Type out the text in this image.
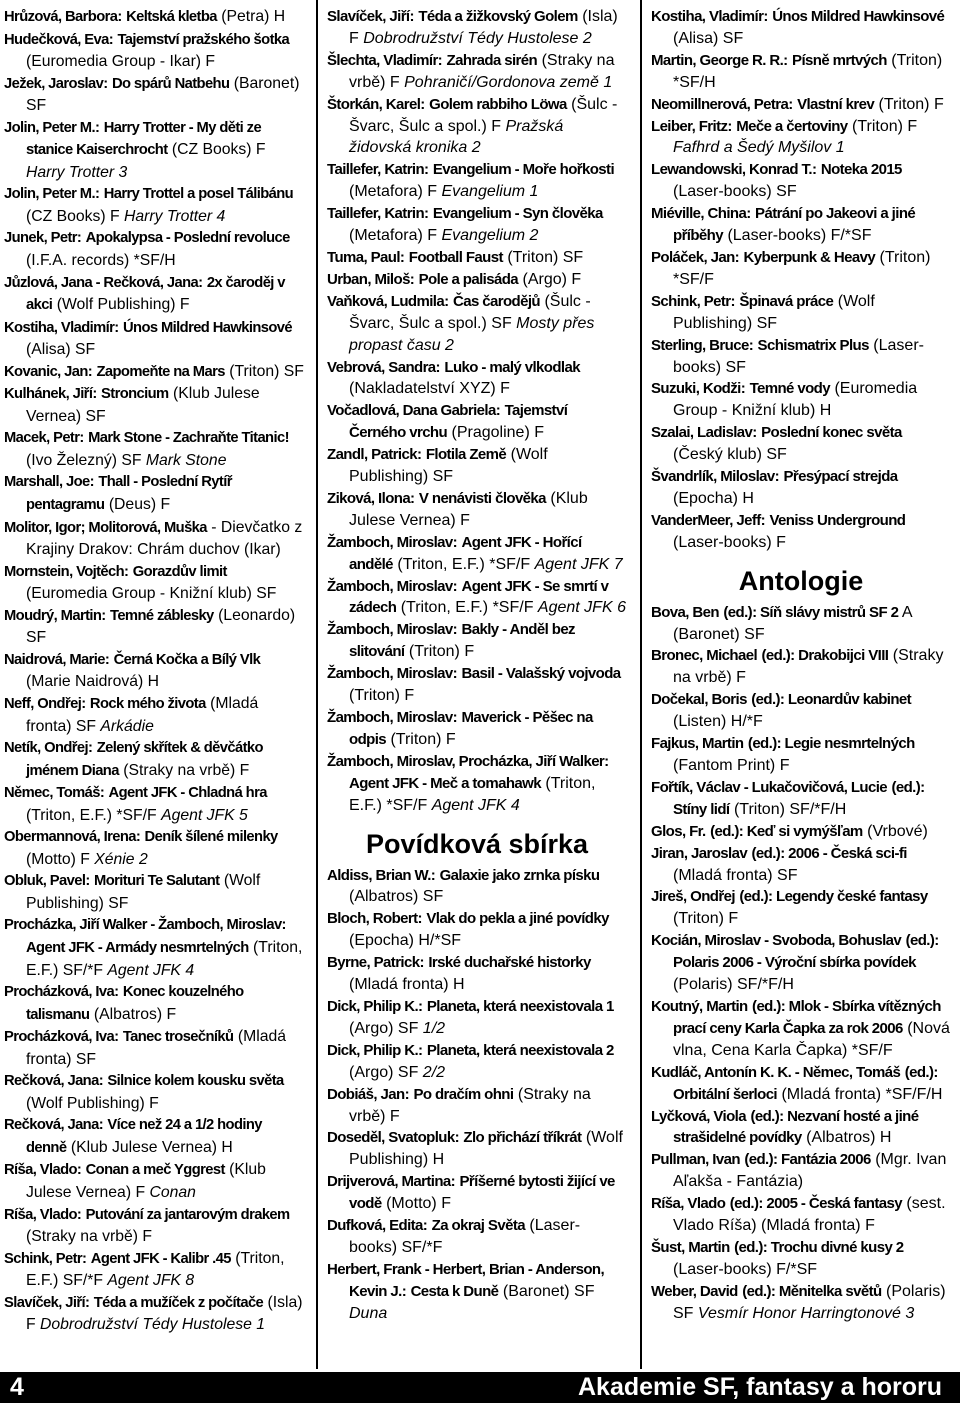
Hrůzová, Barbora: Keltská kletba (Petra) H

Hudečková, Eva: Tajemství pražského šotka (Euromedia Group - Ikar) F

Ježek, Jaroslav: Do spárů Natbehu (Baronet) SF

Jolin, Peter M.: Harry Trotter - My děti ze stanice Kaiserchrocht (CZ Books) F Harry Trotter 3

Jolin, Peter M.: Harry Trottel a posel Tálibánu (CZ Books) F Harry Trotter 4

Junek, Petr: Apokalypsa - Poslední revoluce (I.F.A. records) *SF/H

Jůzlová, Jana - Rečková, Jana: 2x čaroděj v akci (Wolf Publishing) F

Kostiha, Vladimír: Únos Mildred Hawkinsové (Alisa) SF

Kovanic, Jan: Zapomeňte na Mars (Triton) SF

Kulhánek, Jiří: Stroncium (Klub Julese Vernea) SF

Macek, Petr: Mark Stone - Zachraňte Titanic! (Ivo Železný) SF Mark Stone

Marshall, Joe: Thall - Poslední Rytíř pentagramu (Deus) F

Molitor, Igor; Molitorová, Muška - Dievčatko z Krajiny Drakov: Chrám duchov (Ikar)

Mornstein, Vojtěch: Gorazdův limit (Euromedia Group - Knižní klub) SF

Moudrý, Martin: Temné záblesky (Leonardo) SF

Naidrová, Marie: Černá Kočka a Bílý Vlk (Marie Naidrová) H

Neff, Ondřej: Rock mého života (Mladá fronta) SF Arkádie

Netík, Ondřej: Zelený skřítek & děvčátko jménem Diana (Straky na vrbě) F

Němec, Tomáš: Agent JFK - Chladná hra (Triton, E.F.) *SF/F Agent JFK 5

Obermannová, Irena: Deník šílené milenky (Motto) F Xénie 2

Obluk, Pavel: Morituri Te Salutant (Wolf Publishing) SF

Procházka, Jiří Walker - Žamboch, Miroslav: Agent JFK - Armády nesmrtelných (Triton, E.F.) SF/*F Agent JFK 4

Procházková, Iva: Konec kouzelného talismanu (Albatros) F

Procházková, Iva: Tanec trosečníků (Mladá fronta) SF

Rečková, Jana: Silnice kolem kousku světa (Wolf Publishing) F

Rečková, Jana: Více než 24 a 1/2 hodiny denně (Klub Julese Vernea) H

Ríša, Vlado: Conan a meč Yggrest (Klub Julese Vernea) F Conan

Ríša, Vlado: Putování za jantarovým drakem (Straky na vrbě) F

Schink, Petr: Agent JFK - Kalibr .45 (Triton, E.F.) SF/*F Agent JFK 8

Slavíček, Jiří: Téda a mužíček z počítače (Isla) F Dobrodružství Tédy Hustolese 1

Slavíček, Jiří: Téda a žižkovský Golem (Isla) F Dobrodružství Tédy Hustolese 2

Šlechta, Vladimír: Zahrada sirén (Straky na vrbě) F Pohraničí/Gordonova země 1

Štorkán, Karel: Golem rabbiho Löwa (Šulc - Švarc, Šulc a spol.) F Pražská židovská kronika 2

Taillefer, Katrin: Evangelium - Moře hořkosti (Metafora) F Evangelium 1

Taillefer, Katrin: Evangelium - Syn člověka (Metafora) F Evangelium 2

Tuma, Paul: Football Faust (Triton) SF

Urban, Miloš: Pole a palisáda (Argo) F

Vaňková, Ludmila: Čas čarodějů (Šulc - Švarc, Šulc a spol.) SF Mosty přes propast času 2

Vebrová, Sandra: Luko - malý vlkodlak (Nakladatelství XYZ) F

Vočadlová, Dana Gabriela: Tajemství Černého vrchu (Pragoline) F

Zandl, Patrick: Flotila Země (Wolf Publishing) SF

Ziková, Ilona: V nenávisti člověka (Klub Julese Vernea) F

Žamboch, Miroslav: Agent JFK - Hořící andělé (Triton, E.F.) *SF/F Agent JFK 7

Žamboch, Miroslav: Agent JFK - Se smrtí v zádech (Triton, E.F.) *SF/F Agent JFK 6

Žamboch, Miroslav: Bakly - Anděl bez slitování (Triton) F

Žamboch, Miroslav: Basil - Valašský vojvoda (Triton) F

Žamboch, Miroslav: Maverick - Pěšec na odpis (Triton) F

Žamboch, Miroslav, Procházka, Jiří Walker: Agent JFK - Meč a tomahawk (Triton, E.F.) *SF/F Agent JFK 4

Povídková sbírka

Aldiss, Brian W.: Galaxie jako zrnka písku (Albatros) SF

Bloch, Robert: Vlak do pekla a jiné povídky (Epocha) H/*SF

Byrne, Patrick: Irské duchařské historky (Mladá fronta) H

Dick, Philip K.: Planeta, která neexistovala 1 (Argo) SF 1/2

Dick, Philip K.: Planeta, která neexistovala 2 (Argo) SF 2/2

Dobiáš, Jan: Po dračím ohni (Straky na vrbě) F

Doseděl, Svatopluk: Zlo přichází tříkrát (Wolf Publishing) H

Drijverová, Martina: Příšerné bytosti žijící ve vodě (Motto) F

Dufková, Edita: Za okraj Světa (Laser-books) SF/*F

Herbert, Frank - Herbert, Brian - Anderson, Kevin J.: Cesta k Duně (Baronet) SF Duna

Kostiha, Vladimír: Únos Mildred Hawkinsové (Alisa) SF

Martin, George R. R.: Písně mrtvých (Triton) *SF/H

Neomillnerová, Petra: Vlastní krev (Triton) F

Leiber, Fritz: Meče a čertoviny (Triton) F Fafhrd a Šedý Myšilov 1

Lewandowski, Konrad T.: Noteka 2015 (Laser-books) SF

Miéville, China: Pátrání po Jakeovi a jiné příběhy (Laser-books) F/*SF

Poláček, Jan: Kyberpunk & Heavy (Triton) *SF/F

Schink, Petr: Špinavá práce (Wolf Publishing) SF

Sterling, Bruce: Schismatrix Plus (Laser-books) SF

Suzuki, Kodži: Temné vody (Euromedia Group - Knižní klub) H

Szalai, Ladislav: Poslední konec světa (Český klub) SF

Švandrlík, Miloslav: Přesýpací strejda (Epocha) H

VanderMeer, Jeff: Veniss Underground (Laser-books) F

Antologie

Bova, Ben (ed.): Síň slávy mistrů SF 2 A (Baronet) SF

Bronec, Michael (ed.): Drakobijci VIII (Straky na vrbě) F

Dočekal, Boris (ed.): Leonardův kabinet (Listen) H/*F

Fajkus, Martin (ed.): Legie nesmrtelných (Fantom Print) F

Fořtík, Václav - Lukačovičová, Lucie (ed.): Stíny lidí (Triton) SF/*F/H

Glos, Fr. (ed.): Keď si vymýšľam (Vrbové)

Jiran, Jaroslav (ed.): 2006 - Česká sci-fi (Mladá fronta) SF

Jireš, Ondřej (ed.): Legendy české fantasy (Triton) F

Kocián, Miroslav - Svoboda, Bohuslav (ed.): Polaris 2006 - Výroční sbírka povídek (Polaris) SF/*F/H

Koutný, Martin (ed.): Mlok - Sbírka vítězných prací ceny Karla Čapka za rok 2006 (Nová vlna, Cena Karla Čapka) *SF/F

Kudláč, Antonín K. K. - Němec, Tomáš (ed.): Orbitální šerloci (Mladá fronta) *SF/F/H

Lyčková, Viola (ed.): Nezvaní hosté a jiné strašidelné povídky (Albatros) H

Pullman, Ivan (ed.): Fantázia 2006 (Mgr. Ivan Aľakša - Fantázia)

Ríša, Vlado (ed.): 2005 - Česká fantasy (sest. Vlado Ríša) (Mladá fronta) F

Šust, Martin (ed.): Trochu divné kusy 2 (Laser-books) F/*SF

Weber, David (ed.): Měnitelka světů (Polaris) SF Vesmír Honor Harringtonové 3

4	Akademie SF, fantasy a hororu
